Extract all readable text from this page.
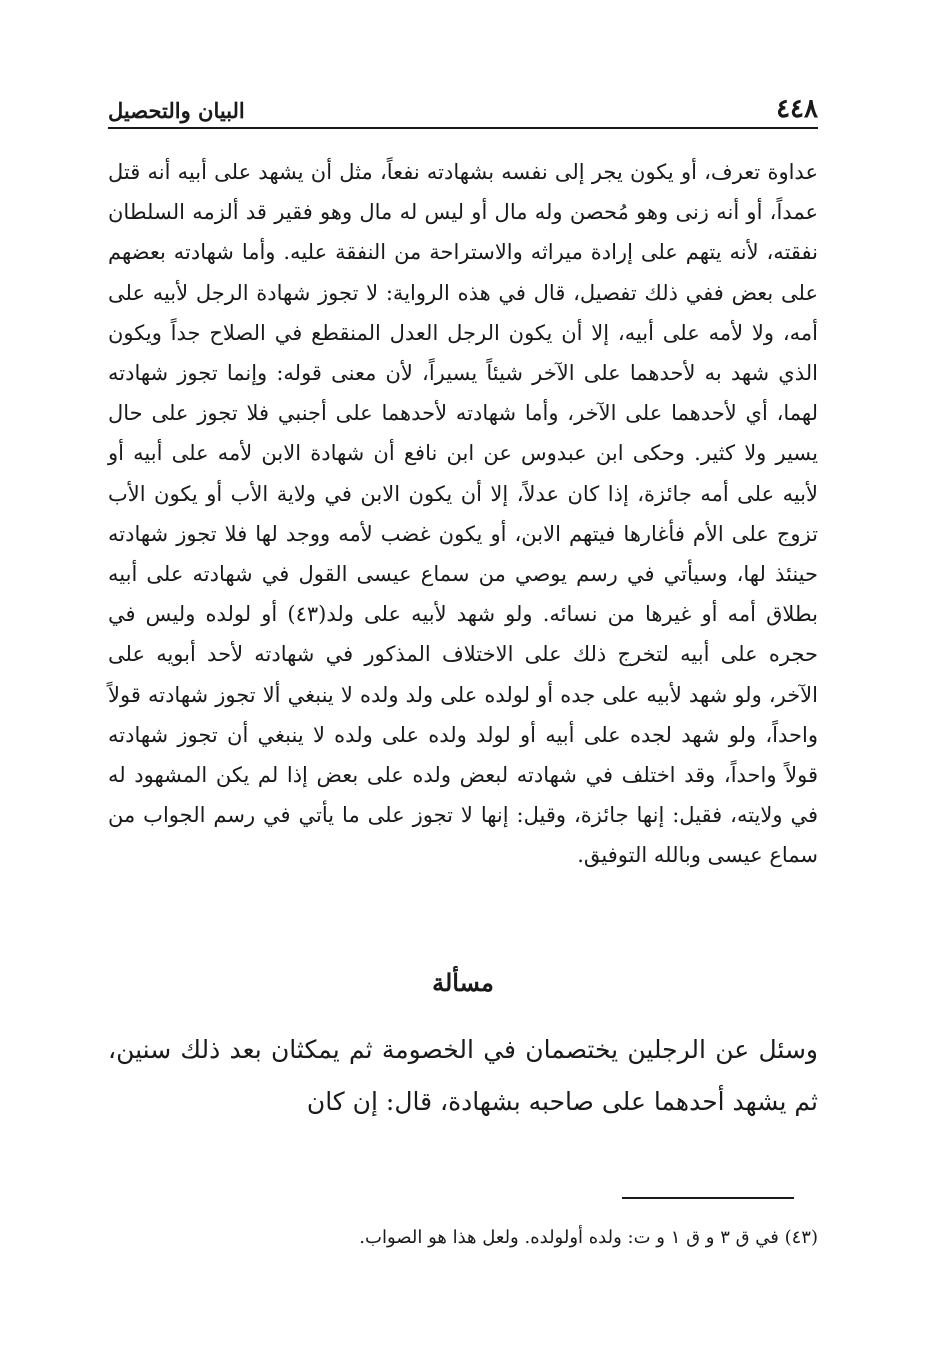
البيان والتحصيل	٤٤٨

عداوة تعرف، أو يكون يجر إلى نفسه بشهادته نفعاً، مثل أن يشهد على أبيه أنه قتل عمداً، أو أنه زنى وهو مُحصن وله مال أو ليس له مال وهو فقير قد ألزمه السلطان نفقته، لأنه يتهم على إرادة ميراثه والاستراحة من النفقة عليه. وأما شهادته بعضهم على بعض ففي ذلك تفصيل، قال في هذه الرواية: لا تجوز شهادة الرجل لأبيه على أمه، ولا لأمه على أبيه، إلا أن يكون الرجل العدل المنقطع في الصلاح جداً ويكون الذي شهد به لأحدهما على الآخر شيئاً يسيراً، لأن معنى قوله: وإنما تجوز شهادته لهما، أي لأحدهما على الآخر، وأما شهادته لأحدهما على أجنبي فلا تجوز على حال يسير ولا كثير. وحكى ابن عبدوس عن ابن نافع أن شهادة الابن لأمه على أبيه أو لأبيه على أمه جائزة، إذا كان عدلاً، إلا أن يكون الابن في ولاية الأب أو يكون الأب تزوج على الأم فأغارها فيتهم الابن، أو يكون غضب لأمه ووجد لها فلا تجوز شهادته حينئذ لها، وسيأتي في رسم يوصي من سماع عيسى القول في شهادته على أبيه بطلاق أمه أو غيرها من نسائه. ولو شهد لأبيه على ولد(٤٣) أو لولده وليس في حجره على أبيه لتخرج ذلك على الاختلاف المذكور في شهادته لأحد أبويه على الآخر، ولو شهد لأبيه على جده أو لولده على ولد ولده لا ينبغي ألا تجوز شهادته قولاً واحداً، ولو شهد لجده على أبيه أو لولد ولده على ولده لا ينبغي أن تجوز شهادته قولاً واحداً، وقد اختلف في شهادته لبعض ولده على بعض إذا لم يكن المشهود له في ولايته، فقيل: إنها جائزة، وقيل: إنها لا تجوز على ما يأتي في رسم الجواب من سماع عيسى وبالله التوفيق.

مسألة

وسئل عن الرجلين يختصمان في الخصومة ثم يمكثان بعد ذلك سنين، ثم يشهد أحدهما على صاحبه بشهادة، قال: إن كان

(٤٣) في ق ٣ و ق ١ و ت: ولده أولولده. ولعل هذا هو الصواب.
